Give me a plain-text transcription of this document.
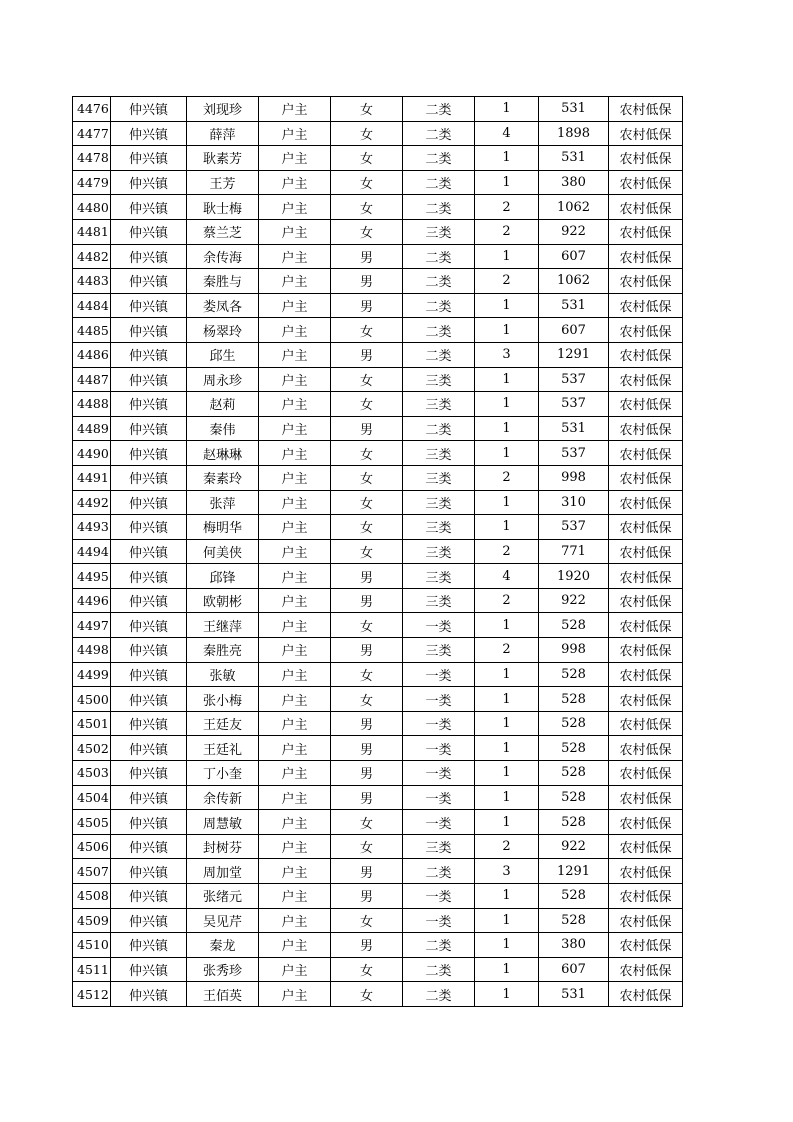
4476	仲兴镇	刘现珍	户主	女	二类	1	531	农村低保
4477	仲兴镇	薛萍	户主	女	二类	4	1898	农村低保
4478	仲兴镇	耿素芳	户主	女	二类	1	531	农村低保
4479	仲兴镇	王芳	户主	女	二类	1	380	农村低保
4480	仲兴镇	耿士梅	户主	女	二类	2	1062	农村低保
4481	仲兴镇	蔡兰芝	户主	女	三类	2	922	农村低保
4482	仲兴镇	余传海	户主	男	二类	1	607	农村低保
4483	仲兴镇	秦胜与	户主	男	二类	2	1062	农村低保
4484	仲兴镇	娄凤各	户主	男	二类	1	531	农村低保
4485	仲兴镇	杨翠玲	户主	女	二类	1	607	农村低保
4486	仲兴镇	邱生	户主	男	二类	3	1291	农村低保
4487	仲兴镇	周永珍	户主	女	三类	1	537	农村低保
4488	仲兴镇	赵莉	户主	女	三类	1	537	农村低保
4489	仲兴镇	秦伟	户主	男	二类	1	531	农村低保
4490	仲兴镇	赵琳琳	户主	女	三类	1	537	农村低保
4491	仲兴镇	秦素玲	户主	女	三类	2	998	农村低保
4492	仲兴镇	张萍	户主	女	三类	1	310	农村低保
4493	仲兴镇	梅明华	户主	女	三类	1	537	农村低保
4494	仲兴镇	何美侠	户主	女	三类	2	771	农村低保
4495	仲兴镇	邱锋	户主	男	三类	4	1920	农村低保
4496	仲兴镇	欧朝彬	户主	男	三类	2	922	农村低保
4497	仲兴镇	王继萍	户主	女	一类	1	528	农村低保
4498	仲兴镇	秦胜亮	户主	男	三类	2	998	农村低保
4499	仲兴镇	张敏	户主	女	一类	1	528	农村低保
4500	仲兴镇	张小梅	户主	女	一类	1	528	农村低保
4501	仲兴镇	王廷友	户主	男	一类	1	528	农村低保
4502	仲兴镇	王廷礼	户主	男	一类	1	528	农村低保
4503	仲兴镇	丁小奎	户主	男	一类	1	528	农村低保
4504	仲兴镇	余传新	户主	男	一类	1	528	农村低保
4505	仲兴镇	周慧敏	户主	女	一类	1	528	农村低保
4506	仲兴镇	封树芬	户主	女	三类	2	922	农村低保
4507	仲兴镇	周加堂	户主	男	二类	3	1291	农村低保
4508	仲兴镇	张绪元	户主	男	一类	1	528	农村低保
4509	仲兴镇	吴见芹	户主	女	一类	1	528	农村低保
4510	仲兴镇	秦龙	户主	男	二类	1	380	农村低保
4511	仲兴镇	张秀珍	户主	女	二类	1	607	农村低保
4512	仲兴镇	王佰英	户主	女	二类	1	531	农村低保
